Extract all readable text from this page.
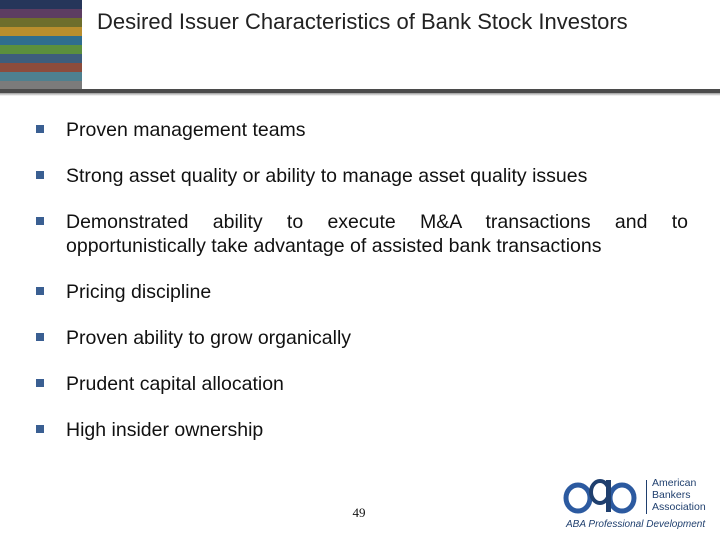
Desired Issuer Characteristics of Bank Stock Investors
Proven management teams
Strong asset quality or ability to manage asset quality issues
Demonstrated ability to execute M&A transactions and to opportunistically take advantage of assisted bank transactions
Pricing discipline
Proven ability to grow organically
Prudent capital allocation
High insider ownership
49
American
Bankers
Association
ABA Professional Development
